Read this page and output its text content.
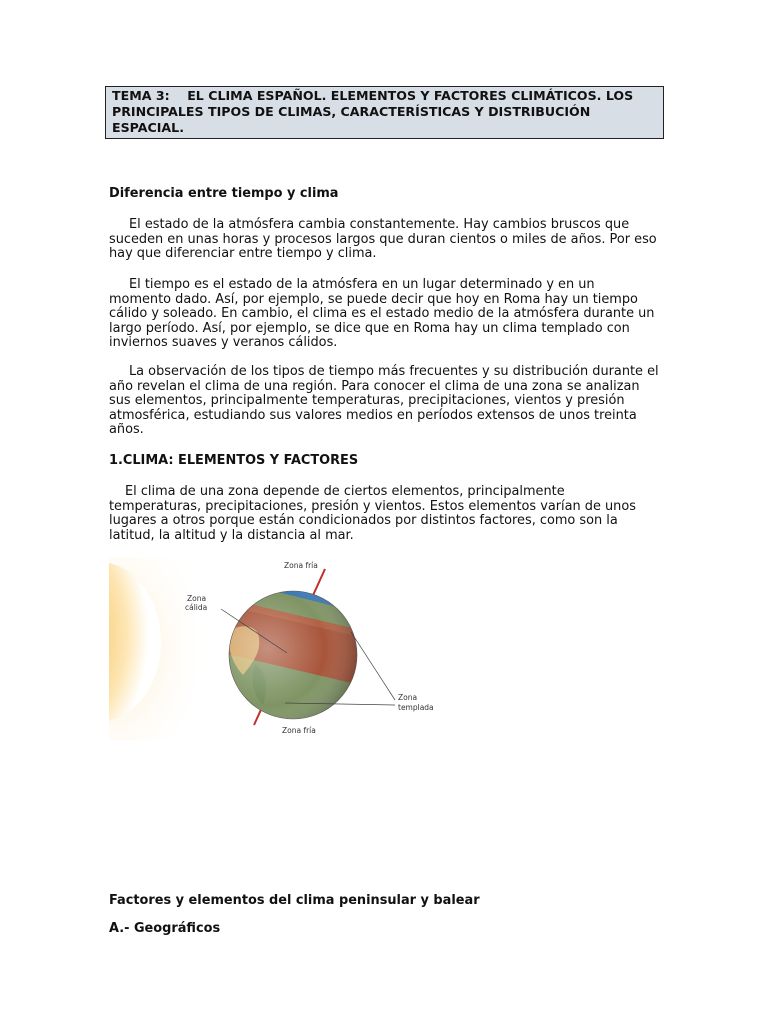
TEMA 3: EL CLIMA ESPAÑOL. ELEMENTOS Y FACTORES CLIMÁTICOS. LOS PRINCIPALES TIPOS DE CLIMAS, CARACTERÍSTICAS Y DISTRIBUCIÓN ESPACIAL.
Diferencia entre tiempo y clima
El estado de la atmósfera cambia constantemente. Hay cambios bruscos que suceden en unas horas y procesos largos que duran cientos o miles de años. Por eso hay que diferenciar entre tiempo y clima.
El tiempo es el estado de la atmósfera en un lugar determinado y en un momento dado. Así, por ejemplo, se puede decir que hoy en Roma hay un tiempo cálido y soleado. En cambio, el clima es el estado medio de la atmósfera durante un largo período. Así, por ejemplo, se dice que en Roma hay un clima templado con inviernos suaves y veranos cálidos.
La observación de los tipos de tiempo más frecuentes y su distribución durante el año revelan el clima de una región. Para conocer el clima de una zona se analizan sus elementos, principalmente temperaturas, precipitaciones, vientos y presión atmosférica, estudiando sus valores medios en períodos extensos de unos treinta años.
1.CLIMA: ELEMENTOS Y FACTORES
El clima de una zona depende de ciertos elementos, principalmente temperaturas, precipitaciones, presión y vientos. Estos elementos varían de unos lugares a otros porque están condicionados por distintos factores, como son la latitud, la altitud y la distancia al mar.
Zona fría
Zona
cálida
Zona
templada
Zona fría
Factores y elementos del clima peninsular y balear
A.- Geográficos
